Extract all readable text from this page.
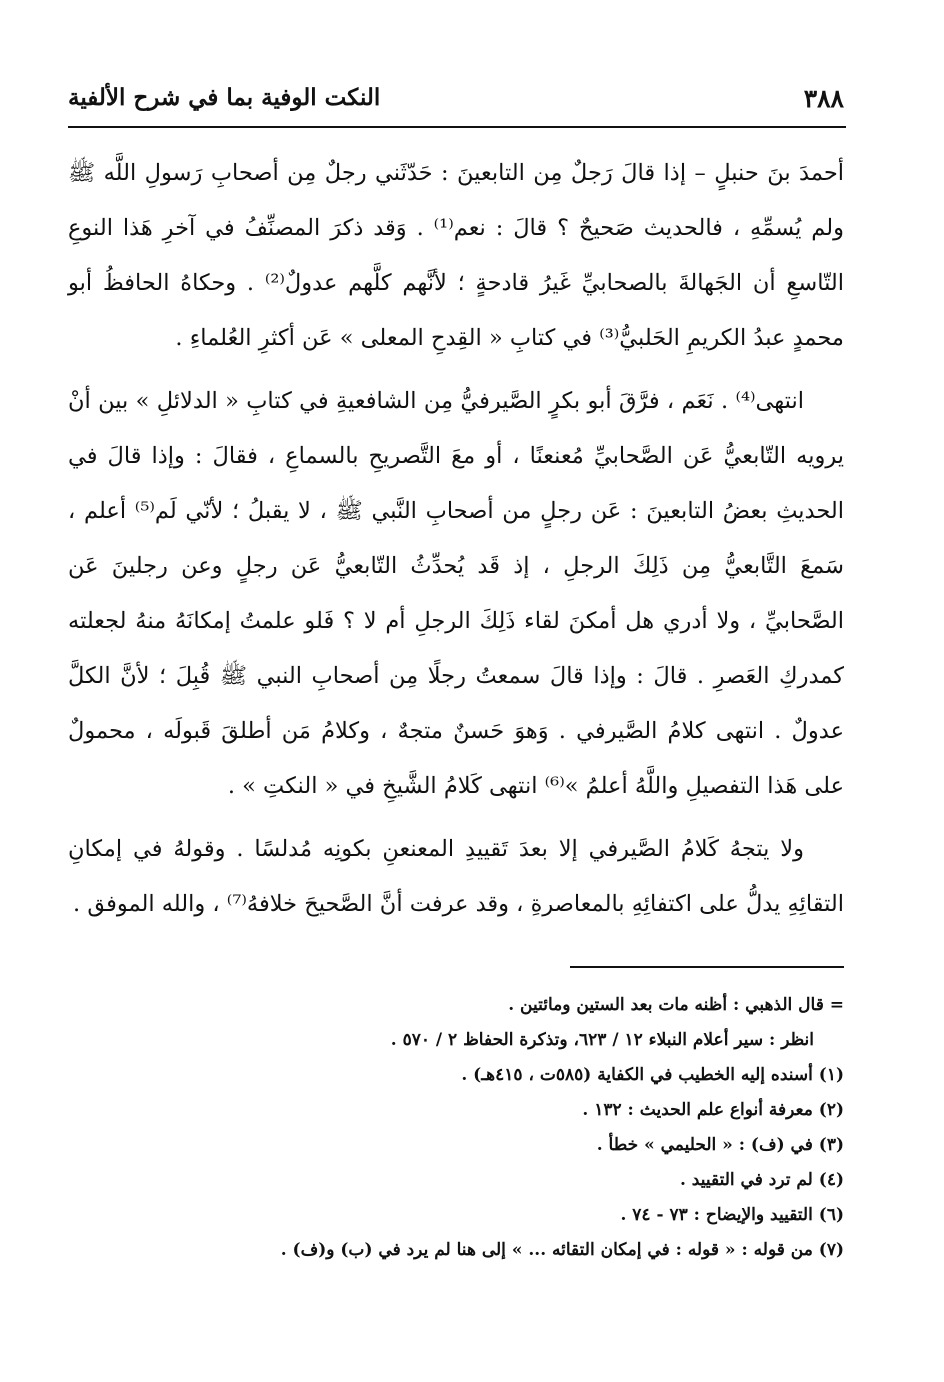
٣٨٨
النكت الوفية بما في شرح الألفية

أحمدَ بنَ حنبلٍ – إذا قالَ رَجلٌ مِن التابعينَ : حَدّثَني رجلٌ مِن أصحابِ رَسولِ اللَّه ﷺ ولم يُسمِّهِ ، فالحديث صَحيحٌ ؟ قالَ : نعم⁽¹⁾ . وَقد ذكرَ المصنِّفُ في آخرِ هَذا النوعِ التّاسعِ أن الجَهالةَ بالصحابيِّ غَيرُ قادحةٍ ؛ لأنَّهم كلَّهم عدولٌ⁽²⁾ . وحكاهُ الحافظُ أبو محمدٍ عبدُ الكريمِ الحَلبيُّ⁽³⁾ في كتابِ « القِدحِ المعلى » عَن أكثرِ العُلماءِ .

انتهى⁽⁴⁾ . نَعَم ، فرَّقَ أبو بكرٍ الصَّيرفيُّ مِن الشافعيةِ في كتابِ « الدلائلِ » بين أنْ يرويه التّابعيُّ عَن الصَّحابيِّ مُعنعنًا ، أو معَ التَّصريحِ بالسماعِ ، فقالَ : وإذا قالَ في الحديثِ بعضُ التابعينَ : عَن رجلٍ من أصحابِ النَّبي ﷺ ، لا يقبلُ ؛ لأنّي لَم⁽⁵⁾ أعلم ، سَمعَ التَّابعيُّ مِن ذَلِكَ الرجلِ ، إذ قَد يُحدِّثُ التّابعيُّ عَن رجلٍ وعن رجلينَ عَن الصَّحابيِّ ، ولا أدري هل أمكنَ لقاء ذَلِكَ الرجلِ أم لا ؟ فَلو علمتُ إمكانَهُ منهُ لجعلته كمدركِ العَصرِ . قالَ : وإذا قالَ سمعتُ رجلًا مِن أصحابِ النبي ﷺ قُبِلَ ؛ لأنَّ الكلَّ عدولٌ . انتهى كلامُ الصَّيرفي . وَهوَ حَسنٌ متجهٌ ، وكلامُ مَن أطلقَ قَبولَه ، محمولٌ على هَذا التفصيلِ واللَّهُ أعلمُ »⁽⁶⁾ انتهى كَلامُ الشَّيخِ في « النكتِ » .

ولا يتجهُ كَلامُ الصَّيرفي إلا بعدَ تَقييدِ المعنعنِ بكونِه مُدلسًا . وقولهُ في إمكانِ التقائِهِ يدلُّ على اكتفائِهِ بالمعاصرةِ ، وقد عرفت أنَّ الصَّحيحَ خلافهُ⁽⁷⁾ ، والله الموفق .

= قال الذهبي : أظنه مات بعد الستين ومائتين .
انظر : سير أعلام النبلاء ١٢ / ٦٢٣، وتذكرة الحفاظ ٢ / ٥٧٠ .
(١) أسنده إليه الخطيب في الكفاية (٥٨٥ت ، ٤١٥هـ) .
(٢) معرفة أنواع علم الحديث : ١٣٢ .
(٣) في (ف) : « الحليمي » خطأ .
(٤) لم ترد في التقييد .
(٦) التقييد والإيضاح : ٧٣ - ٧٤ .
(٧) من قوله : « قوله : في إمكان التقائه ... » إلى هنا لم يرد في (ب) و(ف) .
